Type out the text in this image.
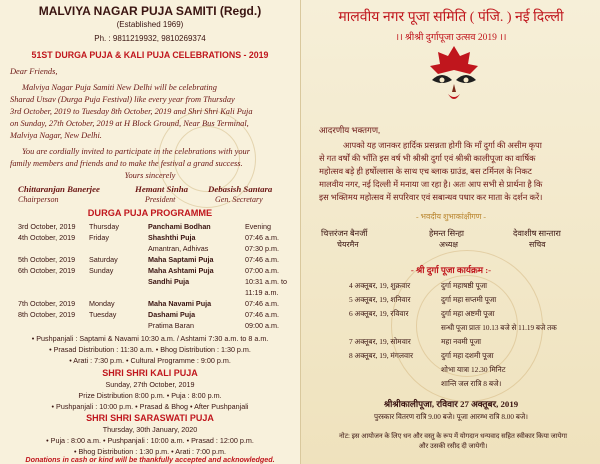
MALVIYA NAGAR PUJA SAMITI (Regd.)
(Established 1969)
Ph. : 9811219932, 9810269374
51ST DURGA PUJA & KALI PUJA CELEBRATIONS - 2019
Dear Friends,
Malviya Nagar Puja Samiti New Delhi will be celebrating
Sharad Utsav (Durga Puja Festival) like every year from Thursday
3rd October, 2019 to Tuesday 8th October, 2019 and Shri Shri Kali Puja
on Sunday, 27th October, 2019 at H Block Ground, Near Bus Terminal,
Malviya Nagar, New Delhi.
You are cordially invited to participate in the celebrations with your
family members and friends and to make the festival a grand success.
Yours sincerely
Chittaranjan Banerjee
Chairperson
Hemant Sinha
President
Debasish Santara
Gen. Secretary
DURGA PUJA PROGRAMME
3rd October, 2019 Thursday	Panchami Bodhan	Evening
4th October, 2019 Friday	Shashthi Puja	07:46 a.m.
Amantran, Adhivas	07:30 p.m.
5th October, 2019 Saturday	Maha Saptami Puja	07:46 a.m.
6th October, 2019 Sunday	Maha Ashtami Puja	07:00 a.m.
Sandhi Puja	10:31 a.m. to
11:19 a.m.
7th October, 2019 Monday	Maha Navami Puja	07:46 a.m.
8th October, 2019 Tuesday	Dashami Puja	07:46 a.m.
Pratima Baran	09:00 a.m.
• Pushpanjali : Saptami & Navami 10:30 a.m. / Ashtami 7:30 a.m. to 8 a.m.
• Prasad Distribution : 11:30 a.m. • Bhog Distribution : 1:30 p.m.
• Arati : 7:30 p.m. • Cultural Programme : 9:00 p.m.
SHRI SHRI KALI PUJA
Sunday, 27th October, 2019
Prize Distribution 8:00 p.m. • Puja : 8:00 p.m.
• Pushpanjali : 10:00 p.m. • Prasad & Bhog • After Pushpanjali
SHRI SHRI SARASWATI PUJA
Thursday, 30th January, 2020
• Puja : 8:00 a.m. • Pushpanjali : 10:00 a.m. • Prasad : 12:00 p.m.
• Bhog Distribution : 1:30 p.m. • Arati : 7:00 p.m.
Donations in cash or kind will be thankfully accepted and acknowledged.
मालवीय नगर पूजा समिति ( पंजि. ) नई दिल्ली
।। श्रीश्री दुर्गापूजा उत्सव 2019 ।।
आदरणीय भक्तगण,
आपको यह जानकर हार्दिक प्रसन्नता होगी कि माँ दुर्गा की असीम कृपा
से गत वर्षों की भाँति इस वर्ष भी श्रीश्री दुर्गा एवं श्रीश्री कालीपूजा का वार्षिक
महोत्सव बड़े ही हर्षोल्लास के साथ एच ब्लाक ग्राउंड, बस टर्मिनल के निकट
मालवीय नगर, नई दिल्ली में मनाया जा रहा है। अतः आप सभी से प्रार्थना है कि
इस भक्तिमय महोत्सव में सपरिवार एवं सबान्धव पधार कर माता के दर्शन करें।
- भवदीय शुभाकांक्षीगण -
चित्तरंजन बैनर्जी
चेयरमैन
हेमन्त सिन्हा
अध्यक्ष
देवाशीष सान्तारा
सचिव
- श्री दुर्गा पूजा कार्यक्रम :-
4 अक्तूबर, 19, शुक्रवार	दुर्गा महाषष्ठी पूजा
5 अक्तूबर, 19, शनिवार	दुर्गा महा सप्तमी पूजा
6 अक्तूबर, 19, रविवार	दुर्गा महा अष्टमी पूजा
सन्धी पूजा प्रातः 10.13 बजे से 11.19 बजे तक
7 अक्तूबर, 19, सोमवार	महा नवमी पूजा
8 अक्तूबर, 19, मंगलवार	दुर्गा महा दशमी पूजा
शोभा यात्रा 12.30 मिनिट
शान्ति जल रात्रि 8 बजे।
श्रीश्रीकालीपूजा, रविवार 27 अक्तूबर, 2019
पुरस्कार वितरण रात्रि 9.00 बजे। पूजा आरम्भ रात्रि 8.00 बजे।
नोट: इस आयोजन के लिए धन और वस्तु के रूप में योगदान धन्यवाद सहित स्वीकार किया जायेगा और उसकी रसीद दी जायेगी।
